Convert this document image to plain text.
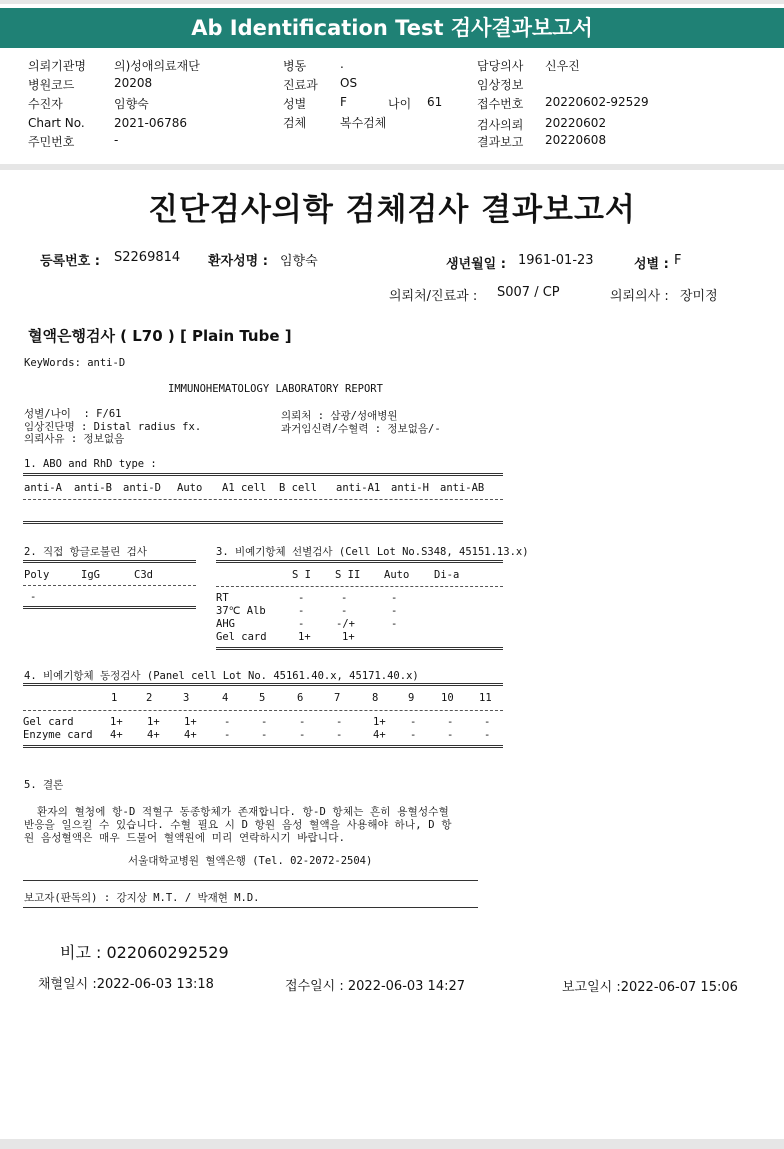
Ab Identification Test 검사결과보고서
의뢰기관명 의)성애의료재단
병원코드	20208
수진자	임향숙
Chart No. 2021-06786
주민번호	-
병동	.
진료과 OS
성별	F	나이 61
검체	복수검체
담당의사 신우진
임상정보
접수번호 20220602-92529
검사의뢰 20220602
결과보고 20220608
진단검사의학 검체검사 결과보고서
등록번호 : S2269814 환자성명 : 임향숙	생년월일 : 1961-01-23	성별 : F
의뢰처/진료과 : S007 / CP	의뢰의사 : 장미정
혈액은행검사 ( L70 ) [ Plain Tube ]
KeyWords: anti-D
IMMUNOHEMATOLOGY LABORATORY REPORT
성별/나이  : F/61
임상진단명 : Distal radius fx.
의뢰사유 : 정보없음
의뢰처 : 삼광/성애병원
과거임신력/수혈력 : 정보없음/-
1. ABO and RhD type :
anti-A anti-B anti-D Auto A1 cell B cell anti-A1 anti-H anti-AB
2. 직접 항글로불린 검사
Poly	IgG	C3d
-
3. 비예기항체 선별검사 (Cell Lot No.S348, 45151.13.x)
S I S II Auto Di-a
RT	-	-	-
37℃ Alb	-	-	-
AHG	-	-/+	-
Gel card	1+	1+
4. 비예기항체 동정검사 (Panel cell Lot No. 45161.40.x, 45171.40.x)
1	2	3	4	5	6	7	8	9	10 11
Gel card	1+ 1+ 1+	-	-	-	-	1+ -	-	-
Enzyme card 4+ 4+ 4+	-	-	-	-	4+ -	-	-
5. 결론
환자의 혈청에 항-D 적혈구 동종항체가 존재합니다. 항-D 항체는 흔히 용혈성수혈
반응을 일으킬 수 있습니다. 수혈 필요 시 D 항원 음성 혈액을 사용해야 하나, D 항
원 음성혈액은 매우 드물어 혈액원에 미리 연락하시기 바랍니다.
서울대학교병원 혈액은행 (Tel. 02-2072-2504)
보고자(판독의) : 강지상 M.T. / 박재현 M.D.
비고 : 022060292529
채혈일시 :2022-06-03 13:18	접수일시 : 2022-06-03 14:27	보고일시 :2022-06-07 15:06
